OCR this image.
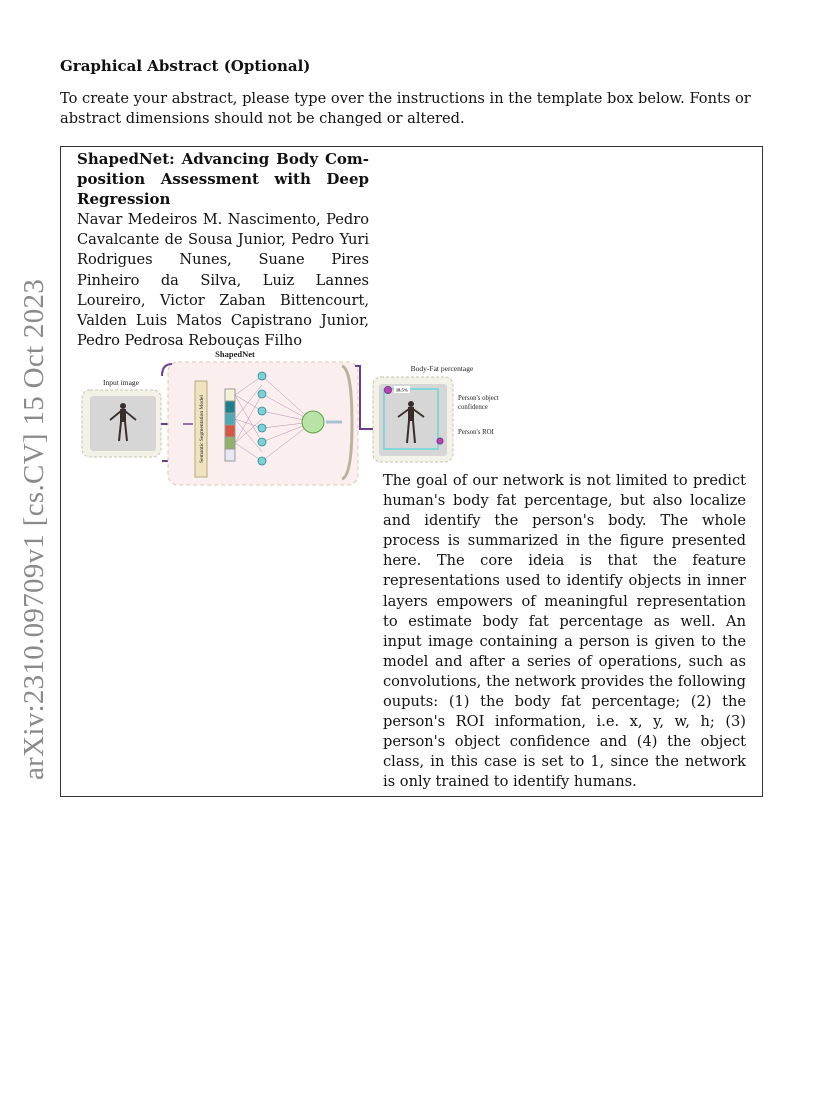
arXiv:2310.09709v1 [cs.CV] 15 Oct 2023
Graphical Abstract (Optional)
To create your abstract, please type over the instructions in the template box below. Fonts or abstract dimensions should not be changed or altered.
ShapedNet: Advancing Body Composition Assessment with Deep Regression
Navar Medeiros M. Nascimento, Pedro Cavalcante de Sousa Junior, Pedro Yuri Rodrigues Nunes, Suane Pires Pinheiro da Silva, Luiz Lannes Loureiro, Victor Zaban Bittencourt, Valden Luis Matos Capistrano Junior, Pedro Pedrosa Rebouças Filho
ShapedNet
Input image
Semantic Segmentation Model
Body-Fat percentage
18.5%
Person's object
confidence
Person's ROI
The goal of our network is not limited to predict human's body fat percentage, but also localize and identify the person's body. The whole process is summarized in the figure presented here. The core ideia is that the feature representations used to identify objects in inner layers empowers of meaningful representation to estimate body fat percentage as well. An input image containing a person is given to the model and after a series of operations, such as convolutions, the network provides the following ouputs: (1) the body fat percentage; (2) the person's ROI information, i.e. x, y, w, h; (3) person's object confidence and (4) the object class, in this case is set to 1, since the network is only trained to identify humans.
